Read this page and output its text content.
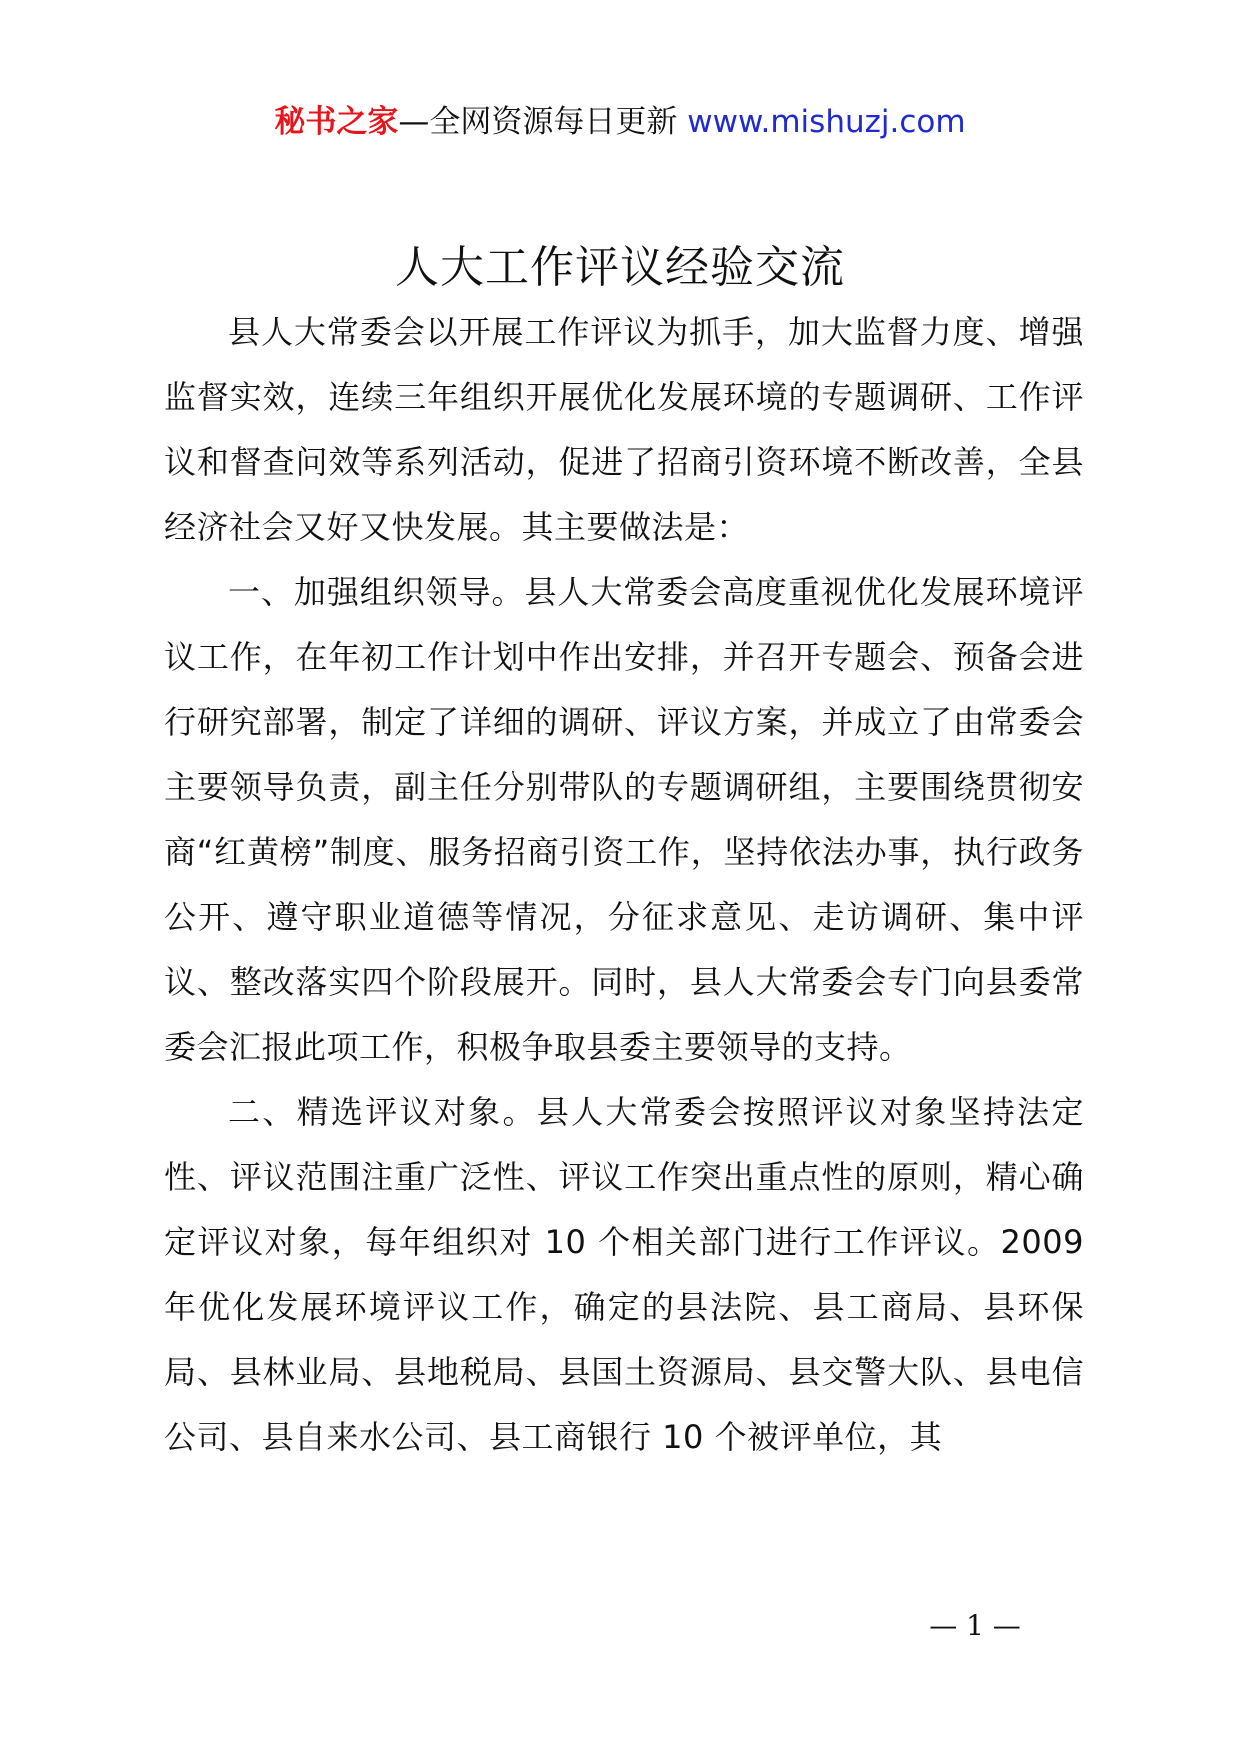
秘书之家—全网资源每日更新 www.mishuzj.com
人大工作评议经验交流

县人大常委会以开展工作评议为抓手，加大监督力度、增强监督实效，连续三年组织开展优化发展环境的专题调研、工作评议和督查问效等系列活动，促进了招商引资环境不断改善，全县经济社会又好又快发展。其主要做法是：

一、加强组织领导。县人大常委会高度重视优化发展环境评议工作，在年初工作计划中作出安排，并召开专题会、预备会进行研究部署，制定了详细的调研、评议方案，并成立了由常委会主要领导负责，副主任分别带队的专题调研组，主要围绕贯彻安商“红黄榜”制度、服务招商引资工作，坚持依法办事，执行政务公开、遵守职业道德等情况，分征求意见、走访调研、集中评议、整改落实四个阶段展开。同时，县人大常委会专门向县委常委会汇报此项工作，积极争取县委主要领导的支持。

二、精选评议对象。县人大常委会按照评议对象坚持法定性、评议范围注重广泛性、评议工作突出重点性的原则，精心确定评议对象，每年组织对 10 个相关部门进行工作评议。2009 年优化发展环境评议工作，确定的县法院、县工商局、县环保局、县林业局、县地税局、县国土资源局、县交警大队、县电信公司、县自来水公司、县工商银行 10 个被评单位，其

— 1 —
